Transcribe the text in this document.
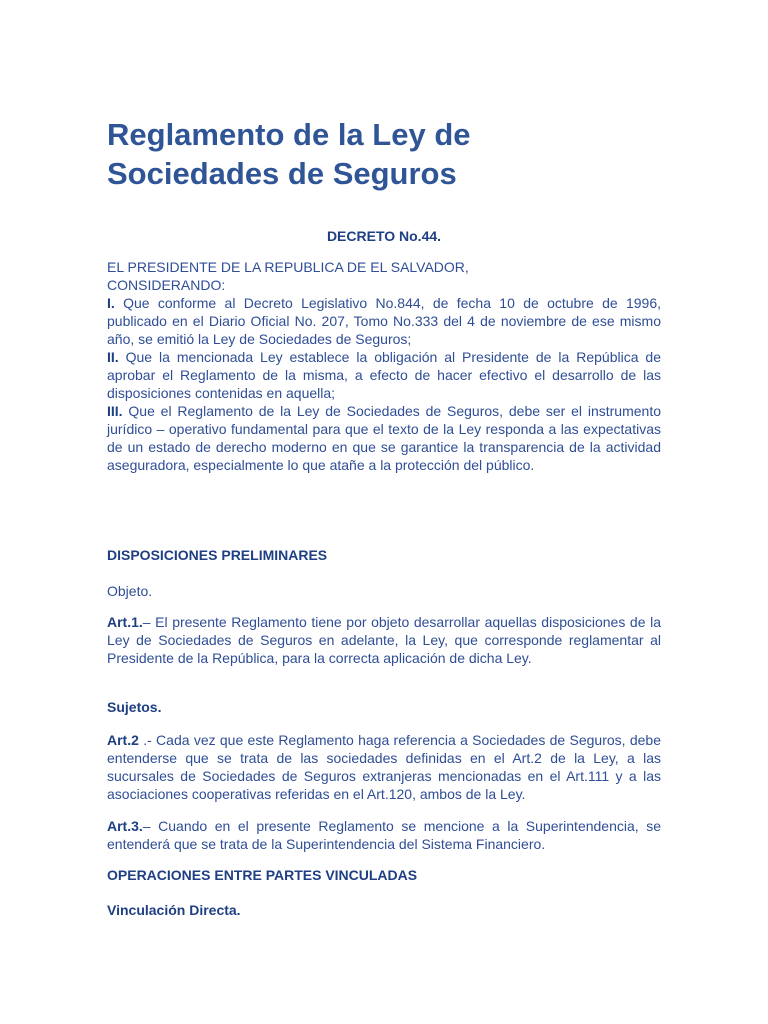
Reglamento de la Ley de
Sociedades de Seguros
DECRETO No.44.

EL PRESIDENTE DE LA REPUBLICA DE EL SALVADOR,

CONSIDERANDO:

I. Que conforme al Decreto Legislativo No.844, de fecha 10 de octubre de 1996, publicado en el Diario Oficial No. 207, Tomo No.333 del 4 de noviembre de ese mismo año, se emitió la Ley de Sociedades de Seguros;

II. Que la mencionada Ley establece la obligación al Presidente de la República de aprobar el Reglamento de la misma, a efecto de hacer efectivo el desarrollo de las disposiciones contenidas en aquella;

III. Que el Reglamento de la Ley de Sociedades de Seguros, debe ser el instrumento jurídico – operativo fundamental para que el texto de la Ley responda a las expectativas de un estado de derecho moderno en que se garantice la transparencia de la actividad aseguradora, especialmente lo que atañe a la protección del público.

DISPOSICIONES PRELIMINARES

Objeto.

Art.1.– El presente Reglamento tiene por objeto desarrollar aquellas disposiciones de la Ley de Sociedades de Seguros en adelante, la Ley, que corresponde reglamentar al Presidente de la República, para la correcta aplicación de dicha Ley.

Sujetos.

Art.2 .- Cada vez que este Reglamento haga referencia a Sociedades de Seguros, debe entenderse que se trata de las sociedades definidas en el Art.2 de la Ley, a las sucursales de Sociedades de Seguros extranjeras mencionadas en el Art.111 y a las asociaciones cooperativas referidas en el Art.120, ambos de la Ley.

Art.3.– Cuando en el presente Reglamento se mencione a la Superintendencia, se entenderá que se trata de la Superintendencia del Sistema Financiero.

OPERACIONES ENTRE PARTES VINCULADAS

Vinculación Directa.
